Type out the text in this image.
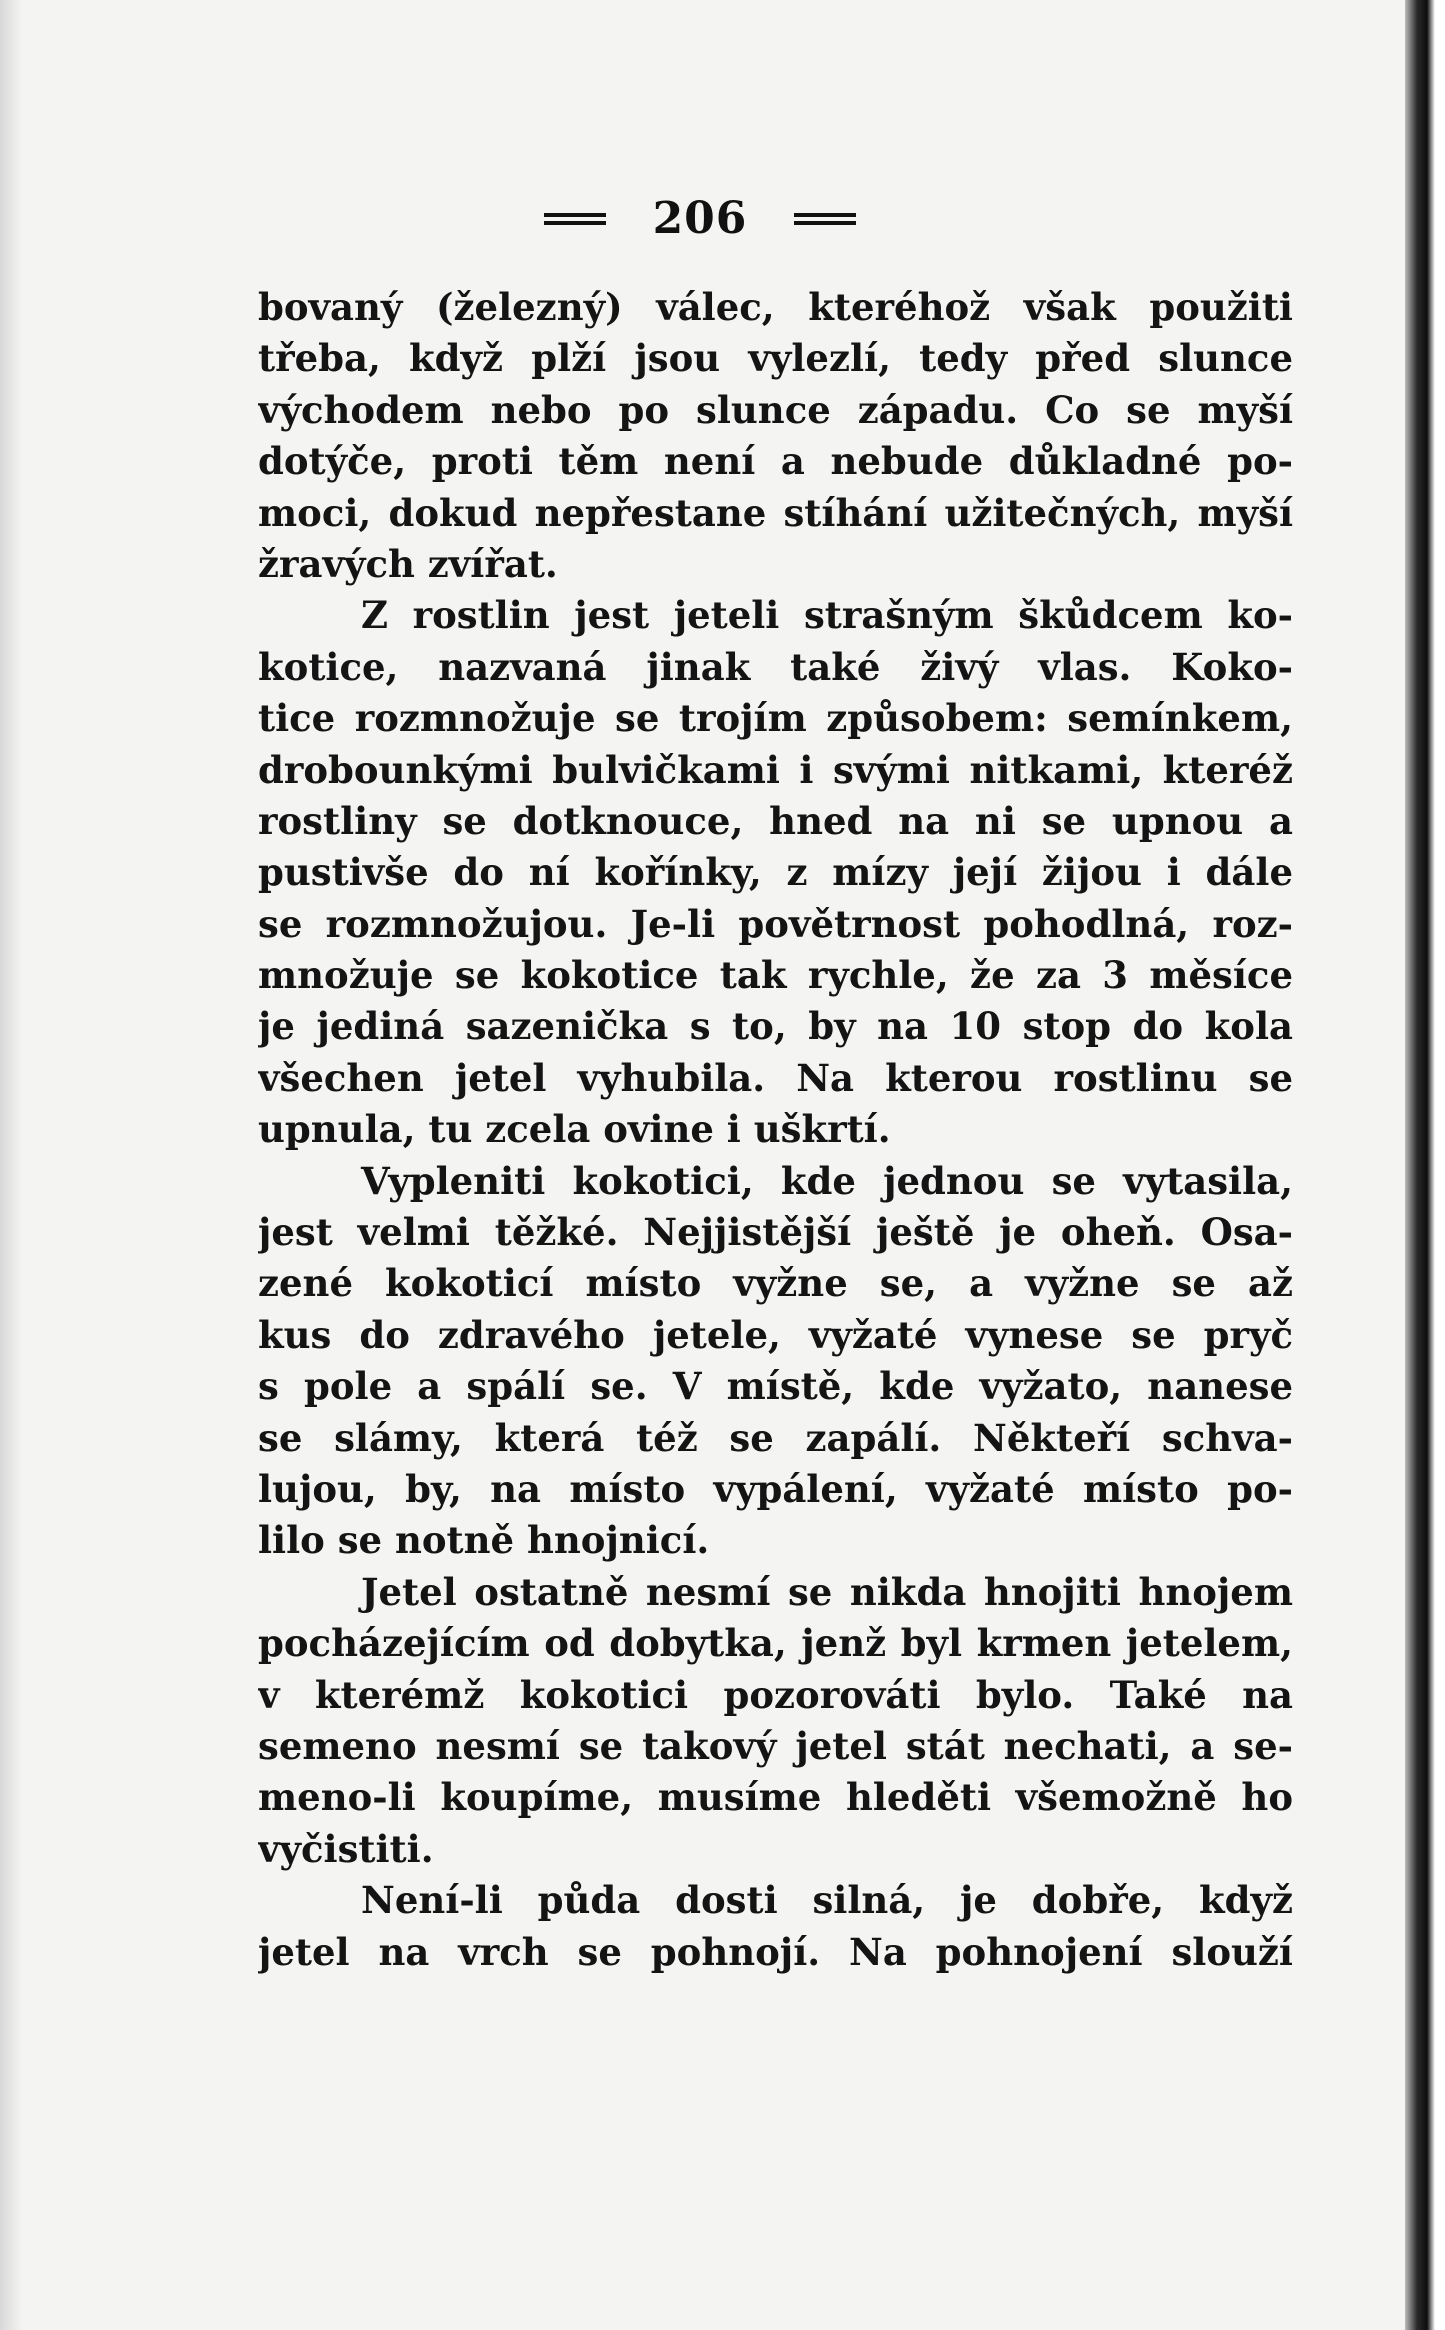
206
bovaný (železný) válec, kteréhož však použiti
třeba, když plží jsou vylezlí, tedy před slunce
východem nebo po slunce západu. Co se myší
dotýče, proti těm není a nebude důkladné po-
moci, dokud nepřestane stíhání užitečných, myší
žravých zvířat.
Z rostlin jest jeteli strašným škůdcem ko-
kotice, nazvaná jinak také živý vlas. Koko-
tice rozmnožuje se trojím způsobem: semínkem,
drobounkými bulvičkami i svými nitkami, kteréž
rostliny se dotknouce, hned na ni se upnou a
pustivše do ní kořínky, z mízy její žijou i dále
se rozmnožujou. Je-li povětrnost pohodlná, roz-
množuje se kokotice tak rychle, že za 3 měsíce
je jediná sazenička s to, by na 10 stop do kola
všechen jetel vyhubila. Na kterou rostlinu se
upnula, tu zcela ovine i uškrtí.
Vypleniti kokotici, kde jednou se vytasila,
jest velmi těžké. Nejjistější ještě je oheň. Osa-
zené kokoticí místo vyžne se, a vyžne se až
kus do zdravého jetele, vyžaté vynese se pryč
s pole a spálí se. V místě, kde vyžato, nanese
se slámy, která též se zapálí. Někteří schva-
lujou, by, na místo vypálení, vyžaté místo po-
lilo se notně hnojnicí.
Jetel ostatně nesmí se nikda hnojiti hnojem
pocházejícím od dobytka, jenž byl krmen jetelem,
v kterémž kokotici pozorováti bylo. Také na
semeno nesmí se takový jetel stát nechati, a se-
meno-li koupíme, musíme hleděti všemožně ho
vyčistiti.
Není-li půda dosti silná, je dobře, když
jetel na vrch se pohnojí. Na pohnojení slouží
